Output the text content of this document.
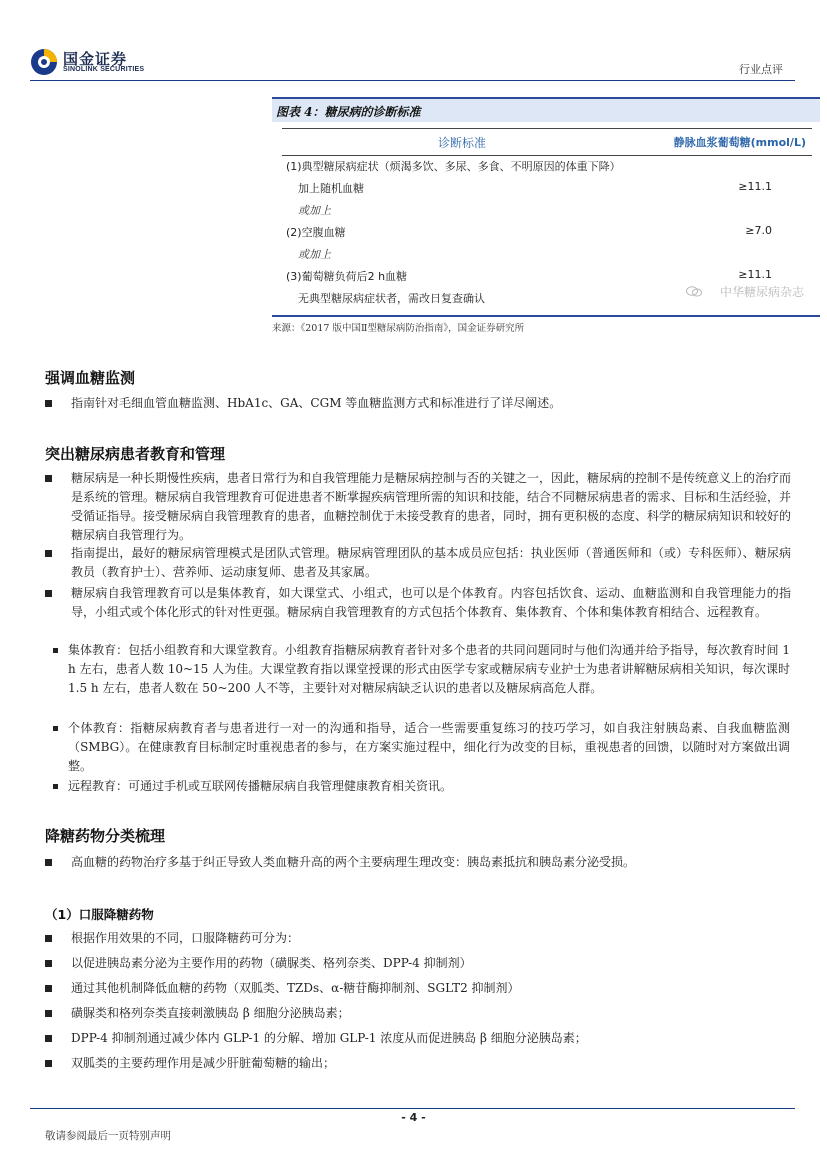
国金证券
SINOLINK SECURITIES	行业点评
图表 4：糖尿病的诊断标准
诊断标准	静脉血浆葡萄糖(mmol/L)
(1)典型糖尿病症状（烦渴多饮、多尿、多食、不明原因的体重下降）
加上随机血糖	≥11.1
或加上
(2)空腹血糖	≥7.0
或加上
(3)葡萄糖负荷后2 h血糖	≥11.1
无典型糖尿病症状者，需改日复查确认	中华糖尿病杂志
来源：《2017 版中国Ⅱ型糖尿病防治指南》，国金证券研究所
强调血糖监测
指南针对毛细血管血糖监测、HbA1c、GA、CGM 等血糖监测方式和标准进行了详尽阐述。
突出糖尿病患者教育和管理
糖尿病是一种长期慢性疾病，患者日常行为和自我管理能力是糖尿病控制与否的关键之一，因此，糖尿病的控制不是传统意义上的治疗而是系统的管理。糖尿病自我管理教育可促进患者不断掌握疾病管理所需的知识和技能，结合不同糖尿病患者的需求、目标和生活经验，并受循证指导。接受糖尿病自我管理教育的患者，血糖控制优于未接受教育的患者，同时，拥有更积极的态度、科学的糖尿病知识和较好的糖尿病自我管理行为。
指南提出，最好的糖尿病管理模式是团队式管理。糖尿病管理团队的基本成员应包括：执业医师（普通医师和（或）专科医师）、糖尿病教员（教育护士）、营养师、运动康复师、患者及其家属。
糖尿病自我管理教育可以是集体教育，如大课堂式、小组式，也可以是个体教育。内容包括饮食、运动、血糖监测和自我管理能力的指导，小组式或个体化形式的针对性更强。糖尿病自我管理教育的方式包括个体教育、集体教育、个体和集体教育相结合、远程教育。
集体教育：包括小组教育和大课堂教育。小组教育指糖尿病教育者针对多个患者的共同问题同时与他们沟通并给予指导，每次教育时间 1 h 左右，患者人数 10~15 人为佳。大课堂教育指以课堂授课的形式由医学专家或糖尿病专业护士为患者讲解糖尿病相关知识，每次课时 1.5 h 左右，患者人数在 50~200 人不等，主要针对对糖尿病缺乏认识的患者以及糖尿病高危人群。
个体教育：指糖尿病教育者与患者进行一对一的沟通和指导，适合一些需要重复练习的技巧学习，如自我注射胰岛素、自我血糖监测（SMBG）。在健康教育目标制定时重视患者的参与，在方案实施过程中，细化行为改变的目标，重视患者的回馈，以随时对方案做出调整。
远程教育：可通过手机或互联网传播糖尿病自我管理健康教育相关资讯。
降糖药物分类梳理
高血糖的药物治疗多基于纠正导致人类血糖升高的两个主要病理生理改变：胰岛素抵抗和胰岛素分泌受损。
（1）口服降糖药物
根据作用效果的不同，口服降糖药可分为：
以促进胰岛素分泌为主要作用的药物（磺脲类、格列奈类、DPP-4 抑制剂）
通过其他机制降低血糖的药物（双胍类、TZDs、α-糖苷酶抑制剂、SGLT2 抑制剂）
磺脲类和格列奈类直接刺激胰岛 β 细胞分泌胰岛素；
DPP-4 抑制剂通过减少体内 GLP-1 的分解、增加 GLP-1 浓度从而促进胰岛 β 细胞分泌胰岛素；
双胍类的主要药理作用是减少肝脏葡萄糖的输出；
- 4 -
敬请参阅最后一页特别声明
